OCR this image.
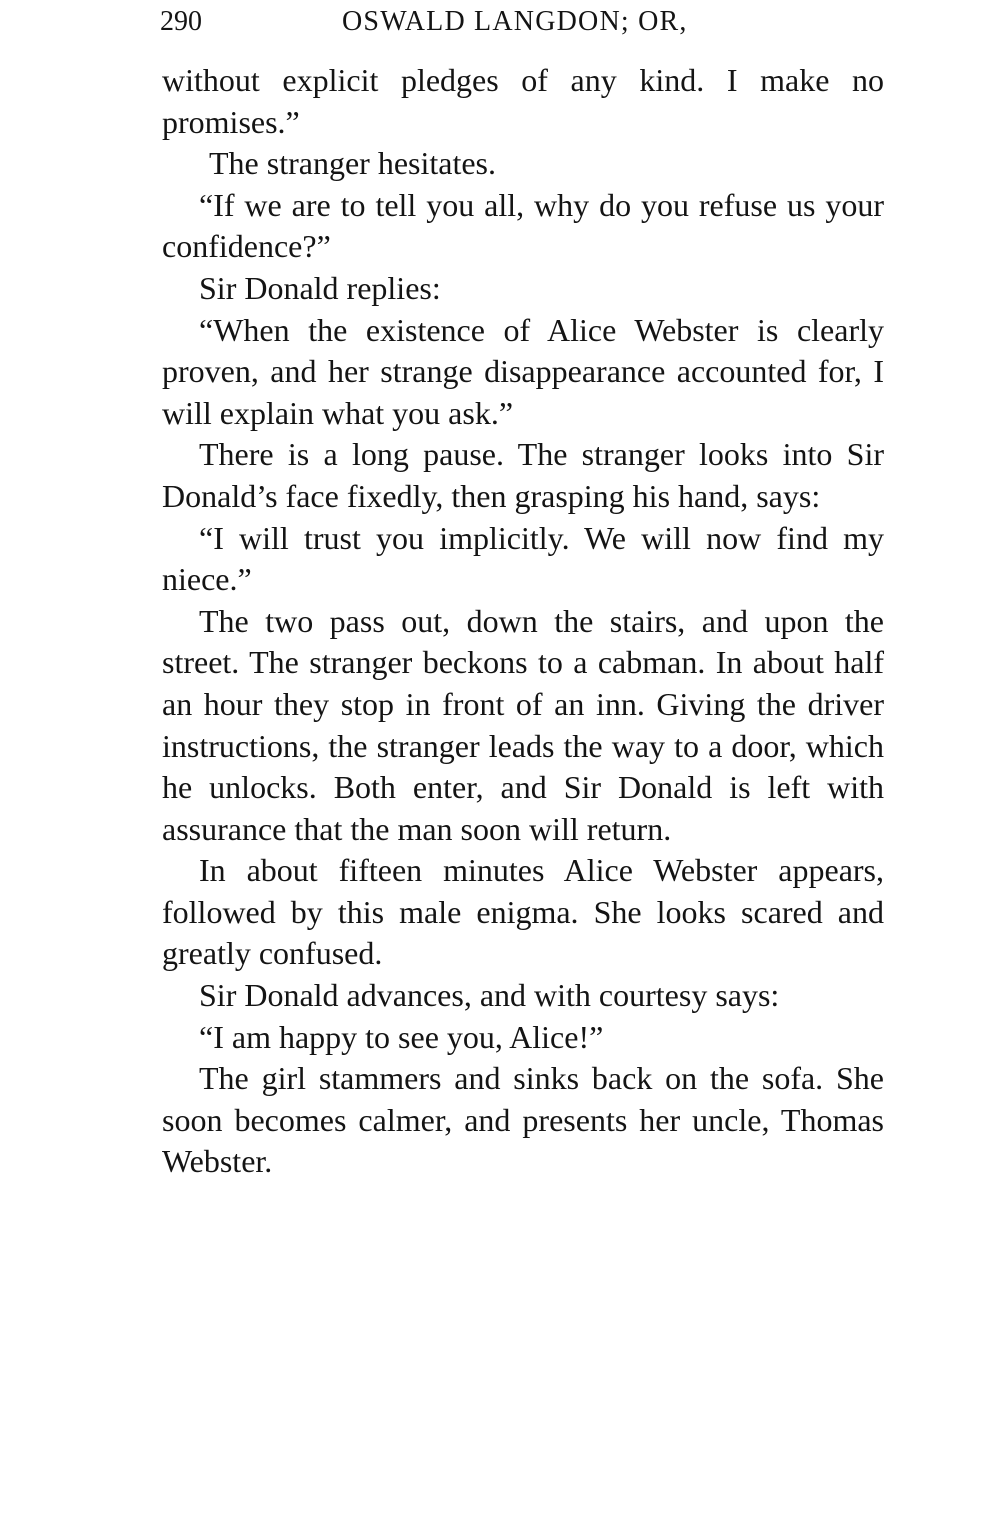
290	OSWALD LANGDON; OR,

without explicit pledges of any kind. I make no promises.”

The stranger hesitates.

“If we are to tell you all, why do you refuse us your confidence?”

Sir Donald replies:

“When the existence of Alice Webster is clearly proven, and her strange disappearance accounted for, I will explain what you ask.”

There is a long pause. The stranger looks into Sir Donald’s face fixedly, then grasping his hand, says:

“I will trust you implicitly. We will now find my niece.”

The two pass out, down the stairs, and upon the street. The stranger beckons to a cabman. In about half an hour they stop in front of an inn. Giving the driver instructions, the stranger leads the way to a door, which he unlocks. Both enter, and Sir Donald is left with assurance that the man soon will return.

In about fifteen minutes Alice Webster appears, followed by this male enigma. She looks scared and greatly confused.

Sir Donald advances, and with courtesy says:

“I am happy to see you, Alice!”

The girl stammers and sinks back on the sofa. She soon becomes calmer, and presents her uncle, Thomas Webster.
